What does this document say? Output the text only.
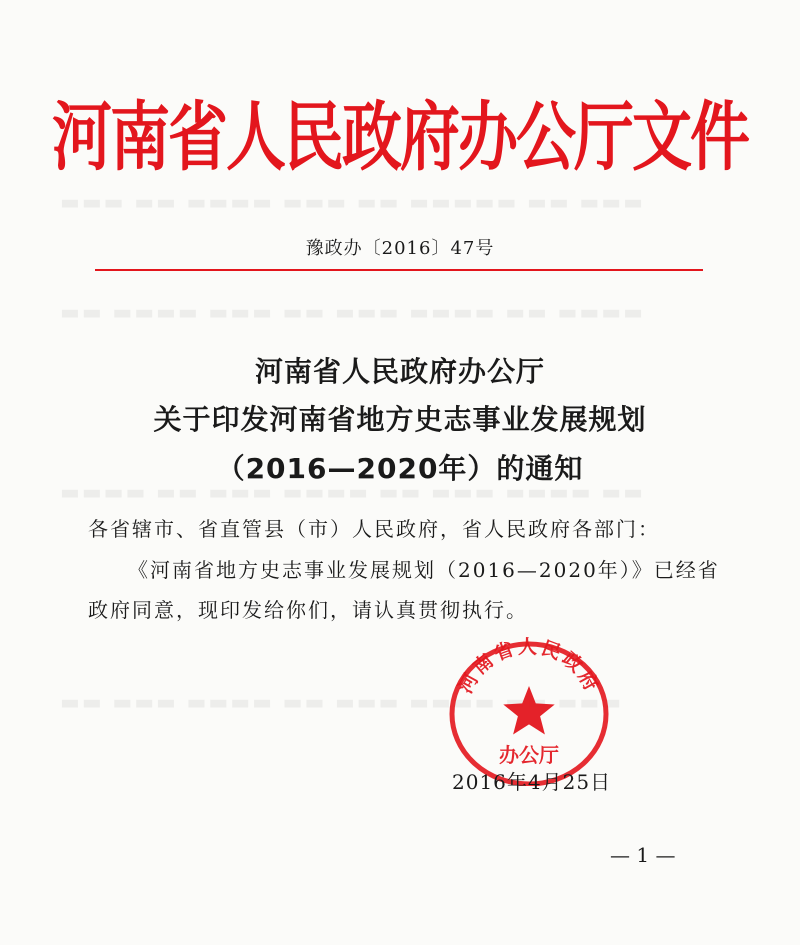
▬▬▬ ▬▬ ▬▬▬▬ ▬▬▬ ▬▬ ▬▬▬▬▬ ▬▬ ▬▬▬
▬▬ ▬▬▬▬ ▬▬▬ ▬▬ ▬▬▬ ▬▬▬▬ ▬▬ ▬▬▬▬
▬▬▬▬ ▬▬ ▬▬▬ ▬▬▬▬ ▬▬ ▬▬▬ ▬▬▬▬ ▬▬
▬▬ ▬▬▬ ▬▬▬▬ ▬▬ ▬▬▬ ▬▬▬▬ ▬▬ ▬▬▬
河南省人民政府办公厅文件
豫政办〔2016〕47号
河南省人民政府办公厅
关于印发河南省地方史志事业发展规划
（2016—2020年）的通知
各省辖市、省直管县（市）人民政府，省人民政府各部门：
《河南省地方史志事业发展规划（2016—2020年）》已经省
政府同意，现印发给你们，请认真贯彻执行。
河南省人民政府
办公厅
2016年4月25日
— 1 —
